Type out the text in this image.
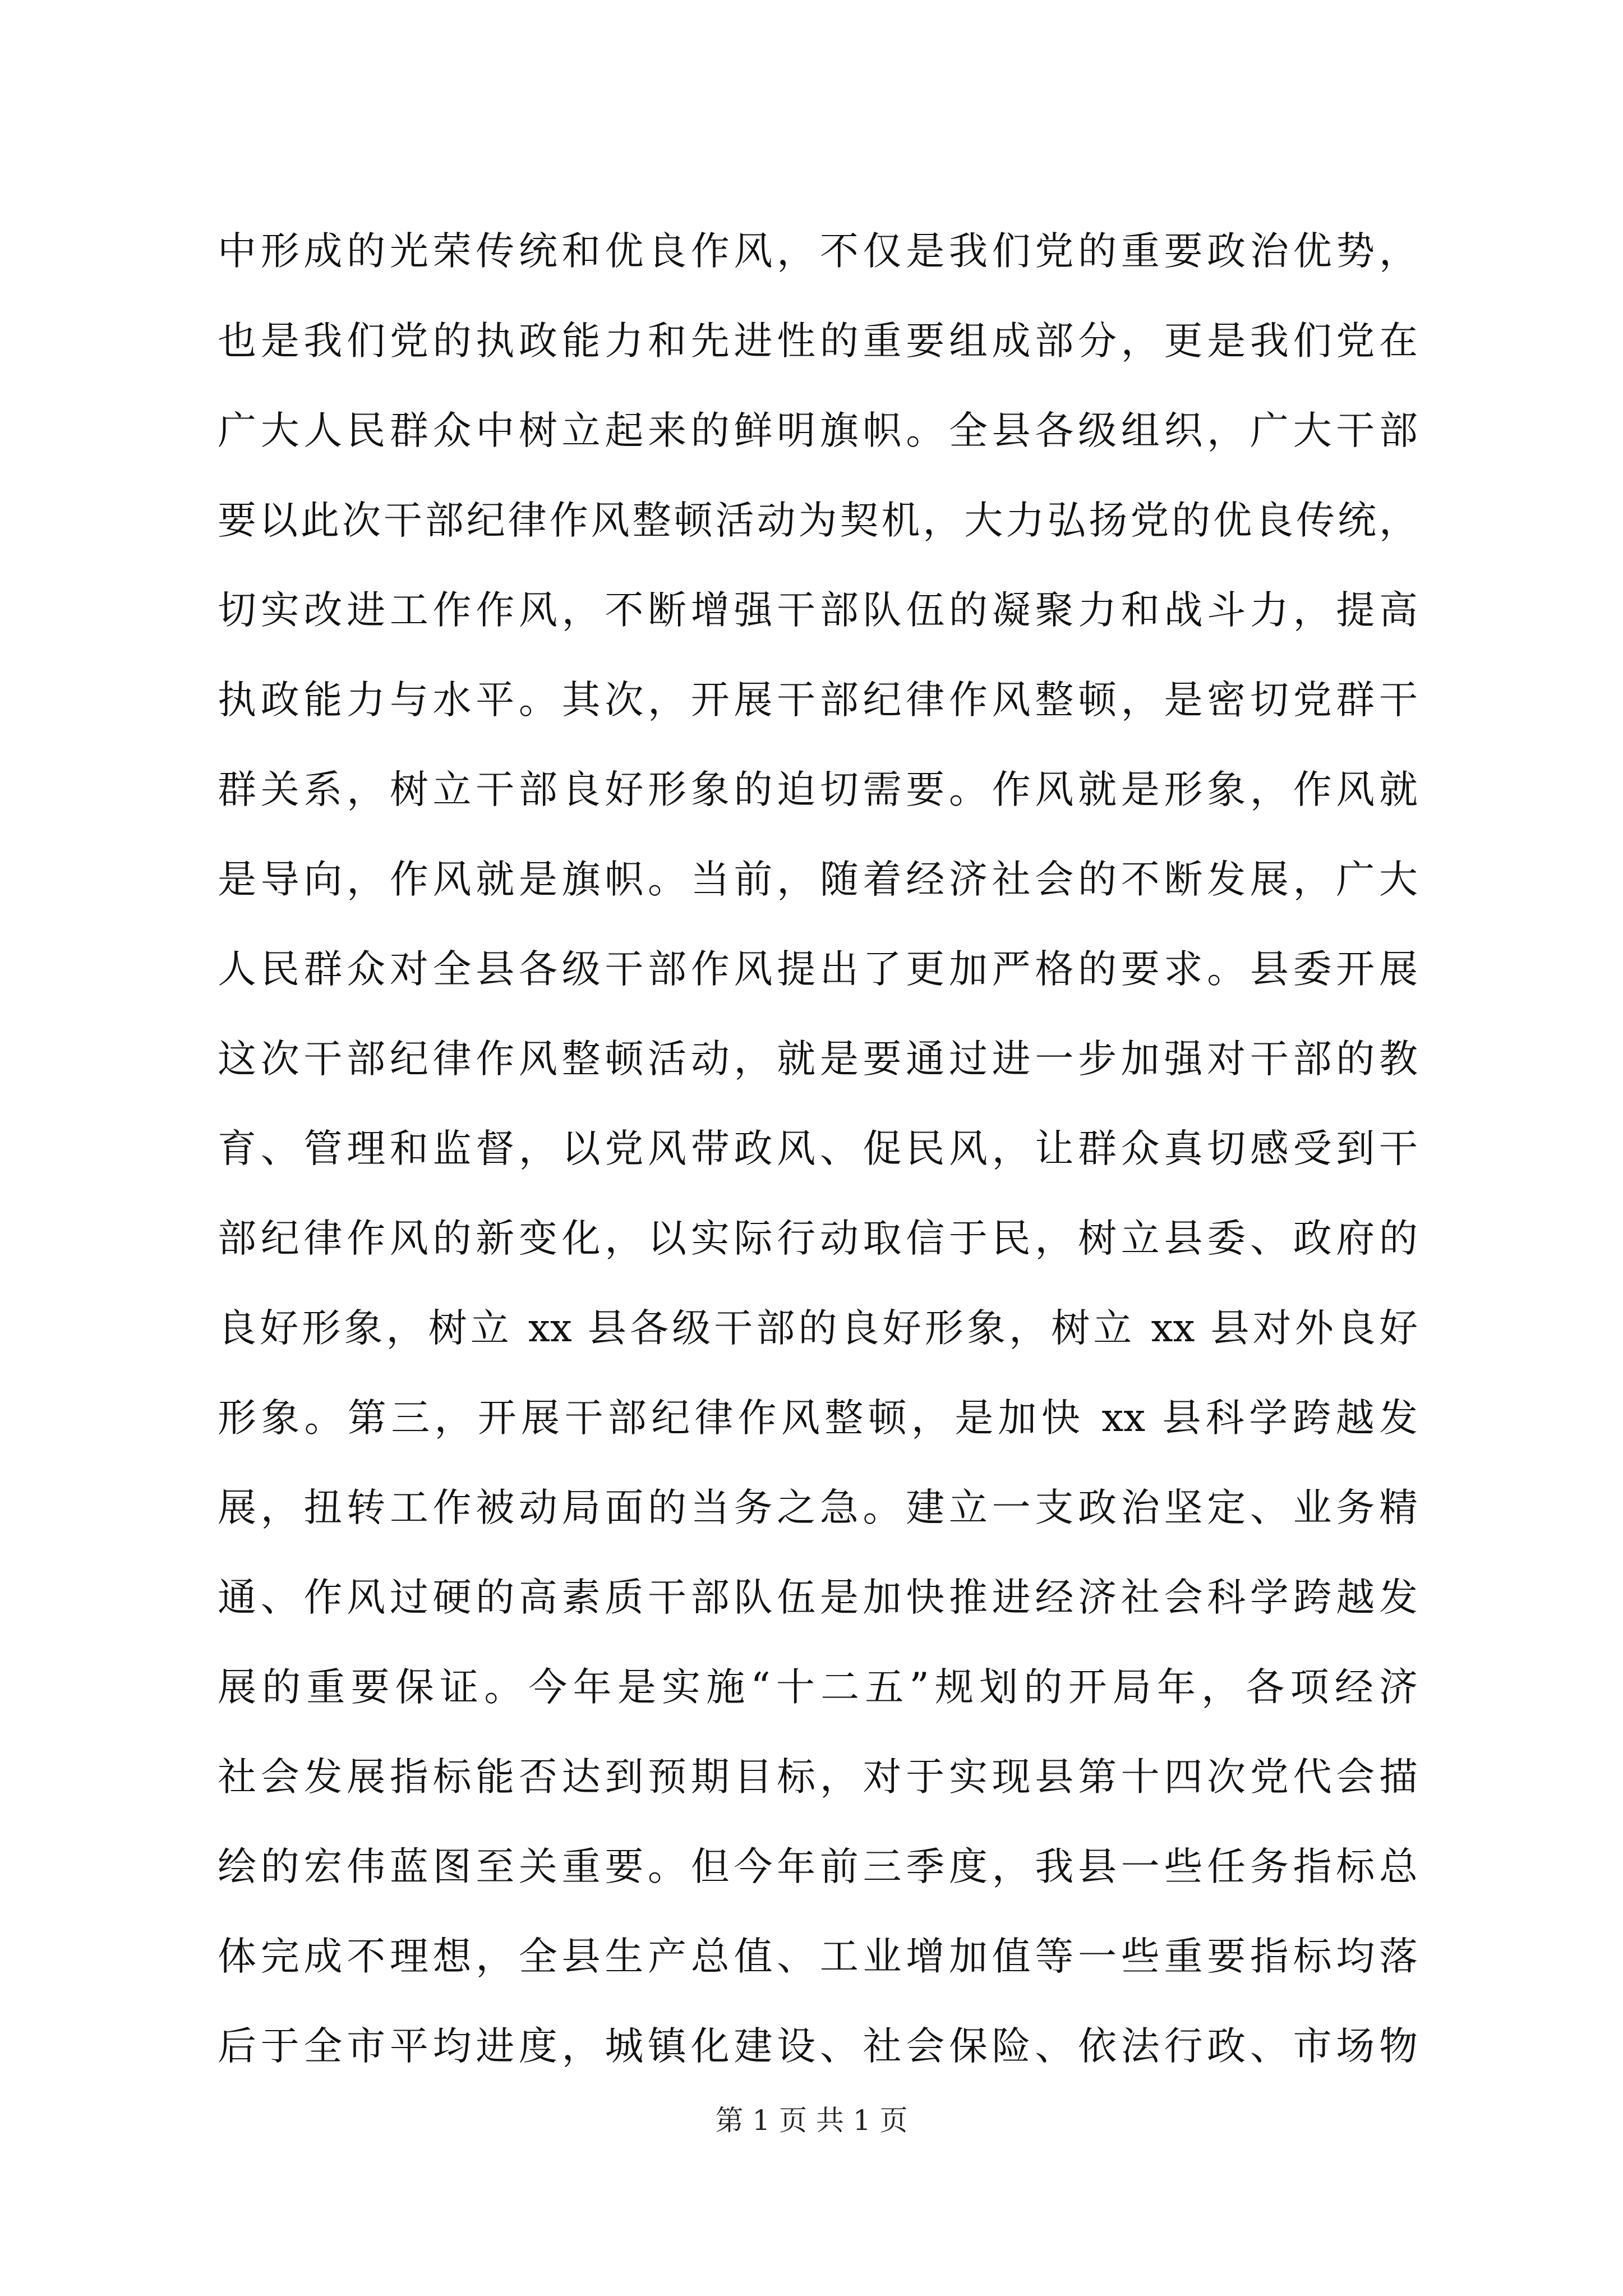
中形成的光荣传统和优良作风，不仅是我们党的重要政治优势，
也是我们党的执政能力和先进性的重要组成部分，更是我们党在
广大人民群众中树立起来的鲜明旗帜。全县各级组织，广大干部
要以此次干部纪律作风整顿活动为契机，大力弘扬党的优良传统，
切实改进工作作风，不断增强干部队伍的凝聚力和战斗力，提高
执政能力与水平。其次，开展干部纪律作风整顿，是密切党群干
群关系，树立干部良好形象的迫切需要。作风就是形象，作风就
是导向，作风就是旗帜。当前，随着经济社会的不断发展，广大
人民群众对全县各级干部作风提出了更加严格的要求。县委开展
这次干部纪律作风整顿活动，就是要通过进一步加强对干部的教
育、管理和监督，以党风带政风、促民风，让群众真切感受到干
部纪律作风的新变化，以实际行动取信于民，树立县委、政府的
良好形象，树立 xx 县各级干部的良好形象，树立 xx 县对外良好
形象。第三，开展干部纪律作风整顿，是加快 xx 县科学跨越发
展，扭转工作被动局面的当务之急。建立一支政治坚定、业务精
通、作风过硬的高素质干部队伍是加快推进经济社会科学跨越发
展的重要保证。今年是实施“十二五”规划的开局年，各项经济
社会发展指标能否达到预期目标，对于实现县第十四次党代会描
绘的宏伟蓝图至关重要。但今年前三季度，我县一些任务指标总
体完成不理想，全县生产总值、工业增加值等一些重要指标均落
后于全市平均进度，城镇化建设、社会保险、依法行政、市场物
第 1 页 共 1 页
